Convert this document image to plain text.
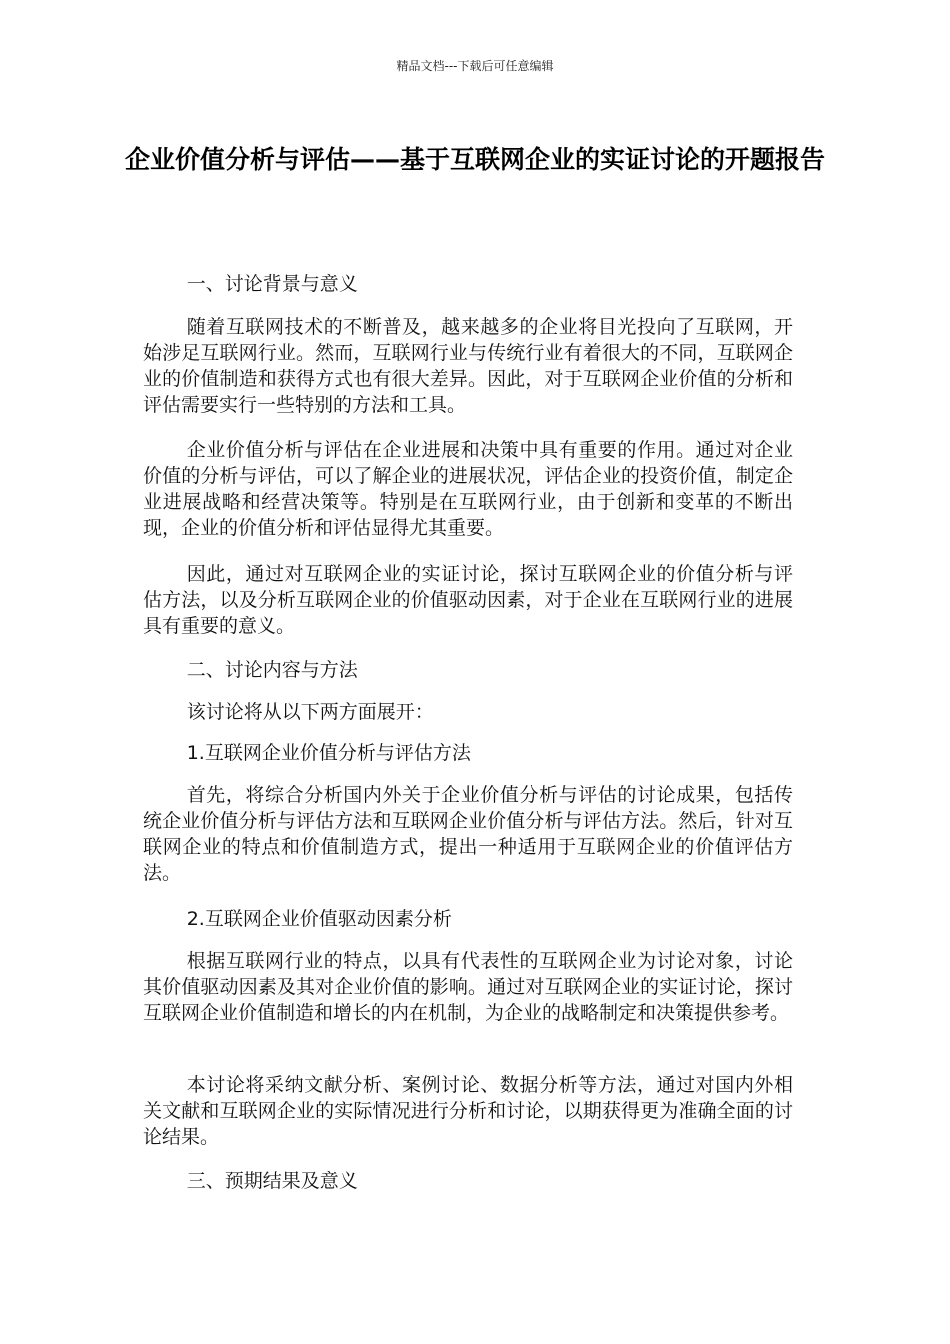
精品文档---下载后可任意编辑
企业价值分析与评估——基于互联网企业的实证讨论的开题报告

一、讨论背景与意义

随着互联网技术的不断普及，越来越多的企业将目光投向了互联网，开始涉足互联网行业。然而，互联网行业与传统行业有着很大的不同，互联网企业的价值制造和获得方式也有很大差异。因此，对于互联网企业价值的分析和评估需要实行一些特别的方法和工具。

企业价值分析与评估在企业进展和决策中具有重要的作用。通过对企业价值的分析与评估，可以了解企业的进展状况，评估企业的投资价值，制定企业进展战略和经营决策等。特别是在互联网行业，由于创新和变革的不断出现，企业的价值分析和评估显得尤其重要。

因此，通过对互联网企业的实证讨论，探讨互联网企业的价值分析与评估方法，以及分析互联网企业的价值驱动因素，对于企业在互联网行业的进展具有重要的意义。

二、讨论内容与方法

该讨论将从以下两方面展开：

1.互联网企业价值分析与评估方法

首先，将综合分析国内外关于企业价值分析与评估的讨论成果，包括传统企业价值分析与评估方法和互联网企业价值分析与评估方法。然后，针对互联网企业的特点和价值制造方式，提出一种适用于互联网企业的价值评估方法。

2.互联网企业价值驱动因素分析

根据互联网行业的特点，以具有代表性的互联网企业为讨论对象，讨论其价值驱动因素及其对企业价值的影响。通过对互联网企业的实证讨论，探讨互联网企业价值制造和增长的内在机制，为企业的战略制定和决策提供参考。

本讨论将采纳文献分析、案例讨论、数据分析等方法，通过对国内外相关文献和互联网企业的实际情况进行分析和讨论，以期获得更为准确全面的讨论结果。

三、预期结果及意义
